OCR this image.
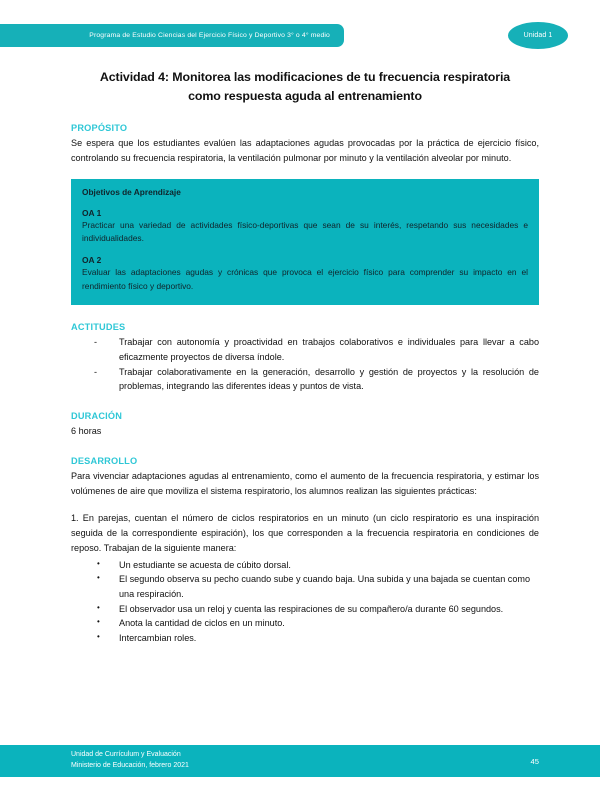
Programa de Estudio Ciencias del Ejercicio Físico y Deportivo 3° o 4° medio	Unidad 1
Actividad 4: Monitorea las modificaciones de tu frecuencia respiratoria
como respuesta aguda al entrenamiento
PROPÓSITO
Se espera que los estudiantes evalúen las adaptaciones agudas provocadas por la práctica de ejercicio físico, controlando su frecuencia respiratoria, la ventilación pulmonar por minuto y la ventilación alveolar por minuto.
Objetivos de Aprendizaje
OA 1
Practicar una variedad de actividades físico-deportivas que sean de su interés, respetando sus necesidades e individualidades.
OA 2
Evaluar las adaptaciones agudas y crónicas que provoca el ejercicio físico para comprender su impacto en el rendimiento físico y deportivo.
ACTITUDES
- Trabajar con autonomía y proactividad en trabajos colaborativos e individuales para llevar a cabo eficazmente proyectos de diversa índole.
- Trabajar colaborativamente en la generación, desarrollo y gestión de proyectos y la resolución de problemas, integrando las diferentes ideas y puntos de vista.
DURACIÓN
6 horas
DESARROLLO
Para vivenciar adaptaciones agudas al entrenamiento, como el aumento de la frecuencia respiratoria, y estimar los volúmenes de aire que moviliza el sistema respiratorio, los alumnos realizan las siguientes prácticas:
1. En parejas, cuentan el número de ciclos respiratorios en un minuto (un ciclo respiratorio es una inspiración seguida de la correspondiente espiración), los que corresponden a la frecuencia respiratoria en condiciones de reposo. Trabajan de la siguiente manera:
• Un estudiante se acuesta de cúbito dorsal.
• El segundo observa su pecho cuando sube y cuando baja. Una subida y una bajada se cuentan como una respiración.
• El observador usa un reloj y cuenta las respiraciones de su compañero/a durante 60 segundos.
• Anota la cantidad de ciclos en un minuto.
• Intercambian roles.
Unidad de Currículum y Evaluación
Ministerio de Educación, febrero 2021	45
